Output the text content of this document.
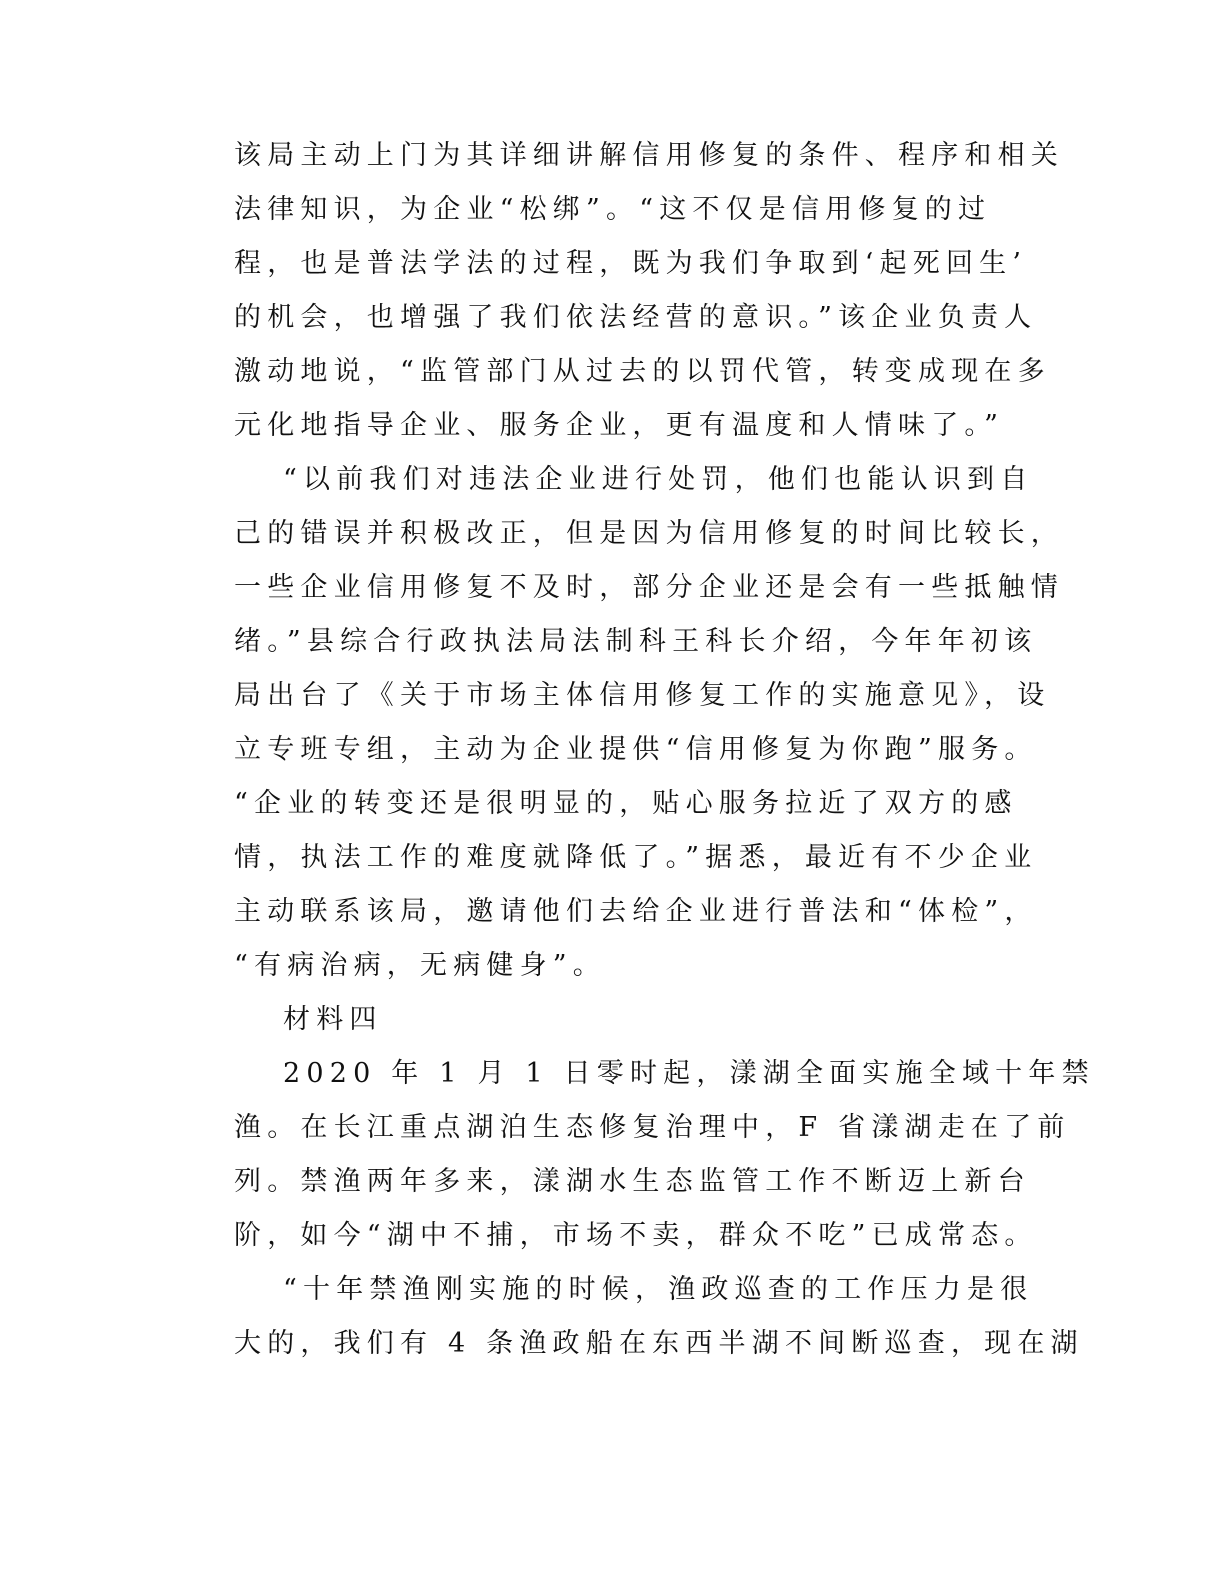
该局主动上门为其详细讲解信用修复的条件、程序和相关
法律知识，为企业“松绑”。“这不仅是信用修复的过
程，也是普法学法的过程，既为我们争取到‘起死回生’
的机会，也增强了我们依法经营的意识。”该企业负责人
激动地说，“监管部门从过去的以罚代管，转变成现在多
元化地指导企业、服务企业，更有温度和人情味了。”
“以前我们对违法企业进行处罚，他们也能认识到自
己的错误并积极改正，但是因为信用修复的时间比较长，
一些企业信用修复不及时，部分企业还是会有一些抵触情
绪。”县综合行政执法局法制科王科长介绍，今年年初该
局出台了《关于市场主体信用修复工作的实施意见》，设
立专班专组，主动为企业提供“信用修复为你跑”服务。
“企业的转变还是很明显的，贴心服务拉近了双方的感
情，执法工作的难度就降低了。”据悉，最近有不少企业
主动联系该局，邀请他们去给企业进行普法和“体检”，
“有病治病，无病健身”。
材料四
2020 年 1 月 1 日零时起，漾湖全面实施全域十年禁
渔。在长江重点湖泊生态修复治理中，F 省漾湖走在了前
列。禁渔两年多来，漾湖水生态监管工作不断迈上新台
阶，如今“湖中不捕，市场不卖，群众不吃”已成常态。
“十年禁渔刚实施的时候，渔政巡查的工作压力是很
大的，我们有 4 条渔政船在东西半湖不间断巡查，现在湖
